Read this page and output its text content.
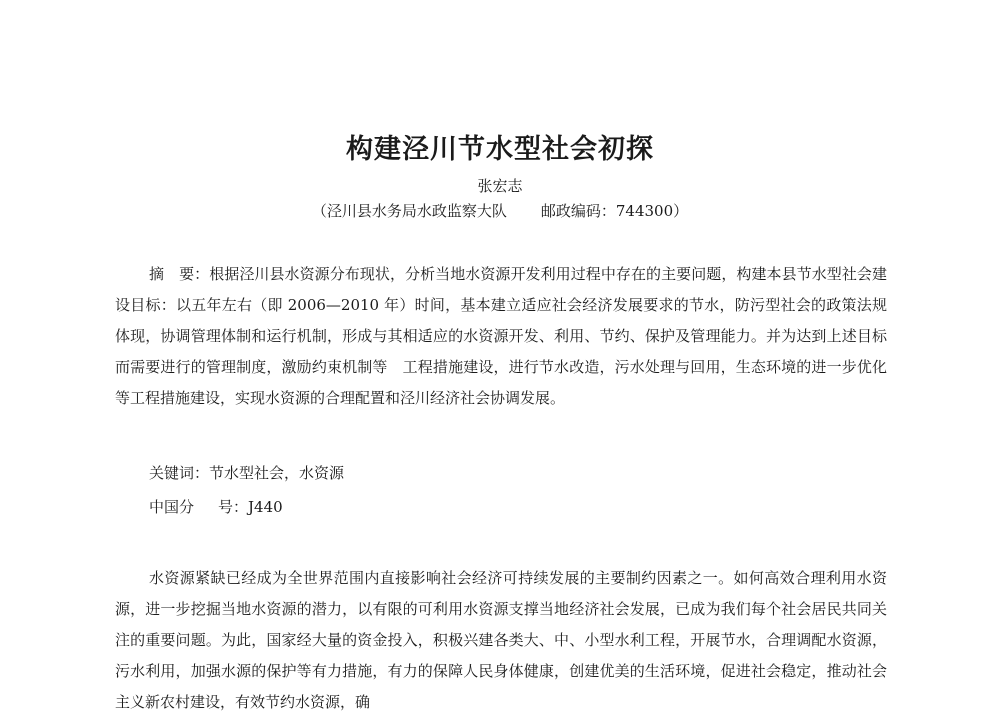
构建泾川节水型社会初探

张宏志

（泾川县水务局水政监察大队 邮政编码：744300）

摘　要：根据泾川县水资源分布现状，分析当地水资源开发利用过程中存在的主要问题，构建本县节水型社会建设目标：以五年左右（即 2006—2010 年）时间，基本建立适应社会经济发展要求的节水，防污型社会的政策法规体现，协调管理体制和运行机制，形成与其相适应的水资源开发、利用、节约、保护及管理能力。并为达到上述目标而需要进行的管理制度，激励约束机制等　工程措施建设，进行节水改造，污水处理与回用，生态环境的进一步优化等工程措施建设，实现水资源的合理配置和泾川经济社会协调发展。

关键词：节水型社会，水资源

中国分 号：J440

水资源紧缺已经成为全世界范围内直接影响社会经济可持续发展的主要制约因素之一。如何高效合理利用水资源，进一步挖掘当地水资源的潜力，以有限的可利用水资源支撑当地经济社会发展，已成为我们每个社会居民共同关注的重要问题。为此，国家经大量的资金投入，积极兴建各类大、中、小型水利工程，开展节水，合理调配水资源，污水利用，加强水源的保护等有力措施，有力的保障人民身体健康，创建优美的生活环境，促进社会稳定，推动社会主义新农村建设，有效节约水资源，确
